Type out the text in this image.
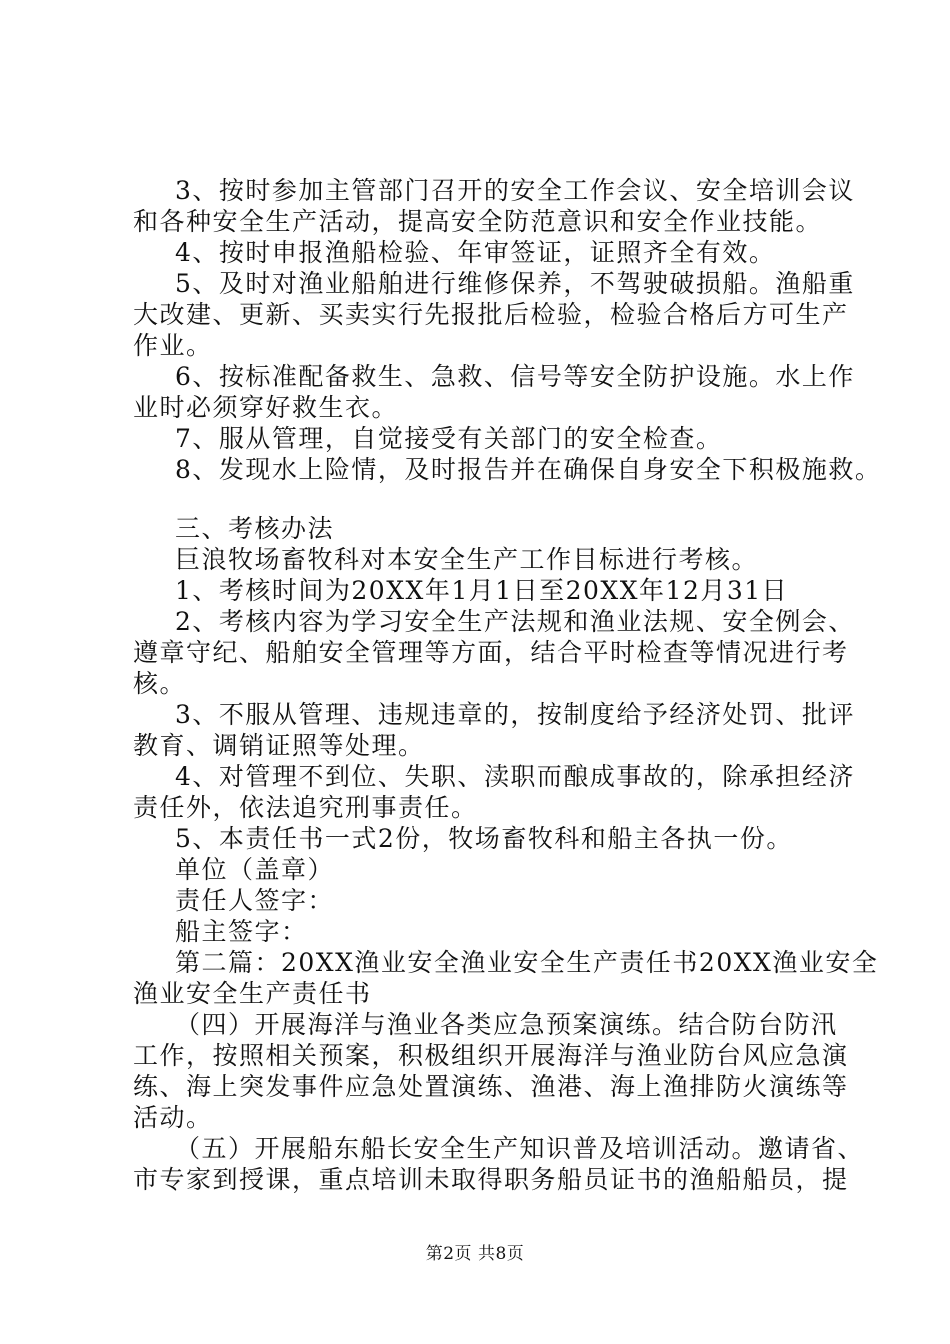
3、按时参加主管部门召开的安全工作会议、安全培训会议
和各种安全生产活动，提高安全防范意识和安全作业技能。
4、按时申报渔船检验、年审签证，证照齐全有效。
5、及时对渔业船舶进行维修保养，不驾驶破损船。渔船重
大改建、更新、买卖实行先报批后检验，检验合格后方可生产
作业。
6、按标准配备救生、急救、信号等安全防护设施。水上作
业时必须穿好救生衣。
7、服从管理，自觉接受有关部门的安全检查。
8、发现水上险情，及时报告并在确保自身安全下积极施救。
三、考核办法
巨浪牧场畜牧科对本安全生产工作目标进行考核。
1、考核时间为20XX年1月1日至20XX年12月31日
2、考核内容为学习安全生产法规和渔业法规、安全例会、
遵章守纪、船舶安全管理等方面，结合平时检查等情况进行考
核。
3、不服从管理、违规违章的，按制度给予经济处罚、批评
教育、调销证照等处理。
4、对管理不到位、失职、渎职而酿成事故的，除承担经济
责任外，依法追究刑事责任。
5、本责任书一式2份，牧场畜牧科和船主各执一份。
单位（盖章）
责任人签字：
船主签字：
第二篇：20XX渔业安全渔业安全生产责任书20XX渔业安全
渔业安全生产责任书
（四）开展海洋与渔业各类应急预案演练。结合防台防汛
工作，按照相关预案，积极组织开展海洋与渔业防台风应急演
练、海上突发事件应急处置演练、渔港、海上渔排防火演练等
活动。
（五）开展船东船长安全生产知识普及培训活动。邀请省、
市专家到授课，重点培训未取得职务船员证书的渔船船员，提
第2页 共8页
